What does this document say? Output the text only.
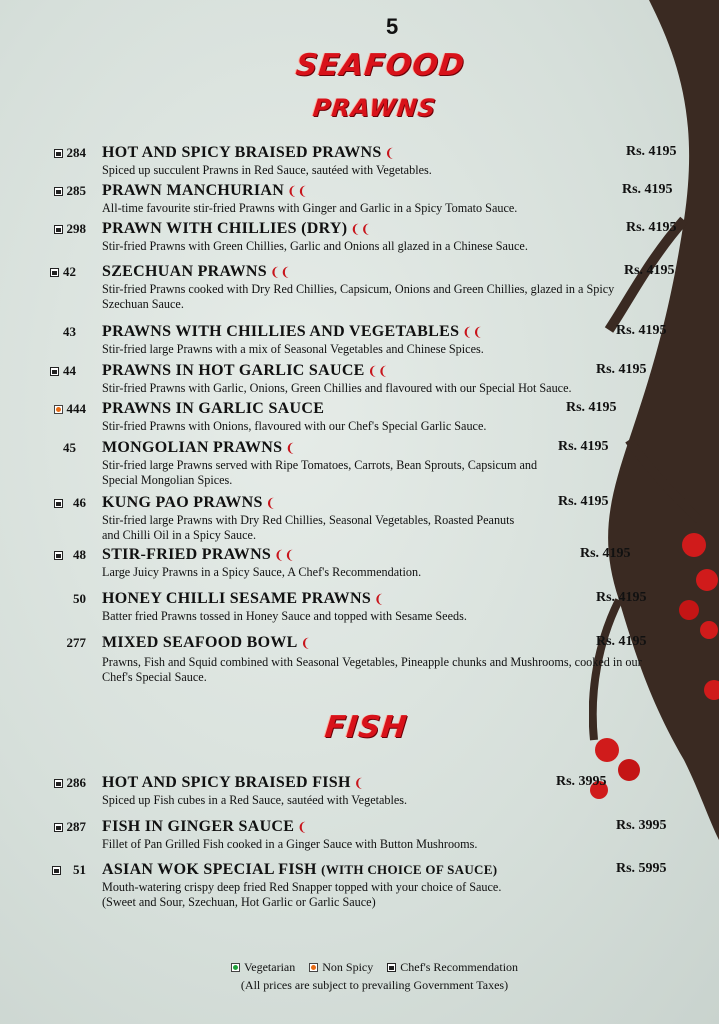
5
SEAFOOD
PRAWNS
FISH
284 HOT AND SPICY BRAISED PRAWNS ❨	Rs. 4195
Spiced up succulent Prawns in Red Sauce, sautéed with Vegetables.
285 PRAWN MANCHURIAN ❨❨	Rs. 4195
All-time favourite stir-fried Prawns with Ginger and Garlic in a Spicy Tomato Sauce.
298 PRAWN WITH CHILLIES (DRY) ❨❨	Rs. 4195
Stir-fried Prawns with Green Chillies, Garlic and Onions all glazed in a Chinese Sauce.
42 SZECHUAN PRAWNS ❨❨	Rs. 4195
Stir-fried Prawns cooked with Dry Red Chillies, Capsicum, Onions and Green Chillies, glazed in a Spicy Szechuan Sauce.
43 PRAWNS WITH CHILLIES AND VEGETABLES ❨❨	Rs. 4195
Stir-fried large Prawns with a mix of Seasonal Vegetables and Chinese Spices.
44 PRAWNS IN HOT GARLIC SAUCE ❨❨	Rs. 4195
Stir-fried Prawns with Garlic, Onions, Green Chillies and flavoured with our Special Hot Sauce.
444 PRAWNS IN GARLIC SAUCE	Rs. 4195
Stir-fried Prawns with Onions, flavoured with our Chef's Special Garlic Sauce.
45 MONGOLIAN PRAWNS ❨	Rs. 4195
Stir-fried large Prawns served with Ripe Tomatoes, Carrots, Bean Sprouts, Capsicum and Special Mongolian Spices.
46 KUNG PAO PRAWNS ❨	Rs. 4195
Stir-fried large Prawns with Dry Red Chillies, Seasonal Vegetables, Roasted Peanuts and Chilli Oil in a Spicy Sauce.
48 STIR-FRIED PRAWNS ❨❨	Rs. 4195
Large Juicy Prawns in a Spicy Sauce, A Chef's Recommendation.
50 HONEY CHILLI SESAME PRAWNS ❨	Rs. 4195
Batter fried Prawns tossed in Honey Sauce and topped with Sesame Seeds.
277 MIXED SEAFOOD BOWL ❨	Rs. 4195
Prawns, Fish and Squid combined with Seasonal Vegetables, Pineapple chunks and Mushrooms, cooked in our Chef's Special Sauce.
286 HOT AND SPICY BRAISED FISH ❨	Rs. 3995
Spiced up Fish cubes in a Red Sauce, sautéed with Vegetables.
287 FISH IN GINGER SAUCE ❨	Rs. 3995
Fillet of Pan Grilled Fish cooked in a Ginger Sauce with Button Mushrooms.
51 ASIAN WOK SPECIAL FISH (WITH CHOICE OF SAUCE)	Rs. 5995
Mouth-watering crispy deep fried Red Snapper topped with your choice of Sauce. (Sweet and Sour, Szechuan, Hot Garlic or Garlic Sauce)
Vegetarian Non Spicy Chef's Recommendation
(All prices are subject to prevailing Government Taxes)
